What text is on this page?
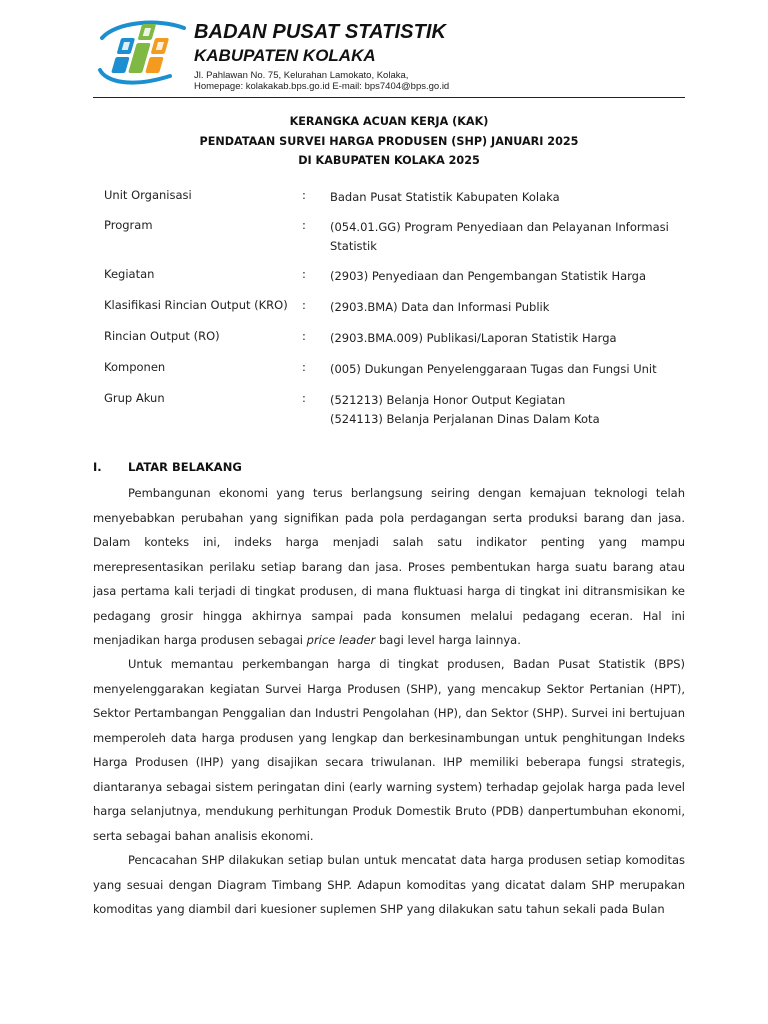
BADAN PUSAT STATISTIK
KABUPATEN KOLAKA
Jl. Pahlawan No. 75, Kelurahan Lamokato, Kolaka,
Homepage: kolakakab.bps.go.id E-mail: bps7404@bps.go.id
KERANGKA ACUAN KERJA (KAK)
PENDATAAN SURVEI HARGA PRODUSEN (SHP) JANUARI 2025
DI KABUPATEN KOLAKA 2025
Unit Organisasi	: Badan Pusat Statistik Kabupaten Kolaka
Program	: (054.01.GG) Program Penyediaan dan Pelayanan Informasi
Statistik
Kegiatan	: (2903) Penyediaan dan Pengembangan Statistik Harga
Klasifikasi Rincian Output (KRO) : (2903.BMA) Data dan Informasi Publik
Rincian Output (RO)	: (2903.BMA.009) Publikasi/Laporan Statistik Harga
Komponen	: (005) Dukungan Penyelenggaraan Tugas dan Fungsi Unit
Grup Akun	: (521213) Belanja Honor Output Kegiatan
(524113) Belanja Perjalanan Dinas Dalam Kota
I. LATAR BELAKANG

Pembangunan ekonomi yang terus berlangsung seiring dengan kemajuan teknologi telah menyebabkan perubahan yang signifikan pada pola perdagangan serta produksi barang dan jasa. Dalam konteks ini, indeks harga menjadi salah satu indikator penting yang mampu merepresentasikan perilaku setiap barang dan jasa. Proses pembentukan harga suatu barang atau jasa pertama kali terjadi di tingkat produsen, di mana fluktuasi harga di tingkat ini ditransmisikan ke pedagang grosir hingga akhirnya sampai pada konsumen melalui pedagang eceran. Hal ini menjadikan harga produsen sebagai price leader bagi level harga lainnya.

Untuk memantau perkembangan harga di tingkat produsen, Badan Pusat Statistik (BPS) menyelenggarakan kegiatan Survei Harga Produsen (SHP), yang mencakup Sektor Pertanian (HPT), Sektor Pertambangan Penggalian dan Industri Pengolahan (HP), dan Sektor (SHP). Survei ini bertujuan memperoleh data harga produsen yang lengkap dan berkesinambungan untuk penghitungan Indeks Harga Produsen (IHP) yang disajikan secara triwulanan. IHP memiliki beberapa fungsi strategis, diantaranya sebagai sistem peringatan dini (early warning system) terhadap gejolak harga pada level harga selanjutnya, mendukung perhitungan Produk Domestik Bruto (PDB) danpertumbuhan ekonomi, serta sebagai bahan analisis ekonomi.

Pencacahan SHP dilakukan setiap bulan untuk mencatat data harga produsen setiap komoditas yang sesuai dengan Diagram Timbang SHP. Adapun komoditas yang dicatat dalam SHP merupakan komoditas yang diambil dari kuesioner suplemen SHP yang dilakukan satu tahun sekali pada Bulan
